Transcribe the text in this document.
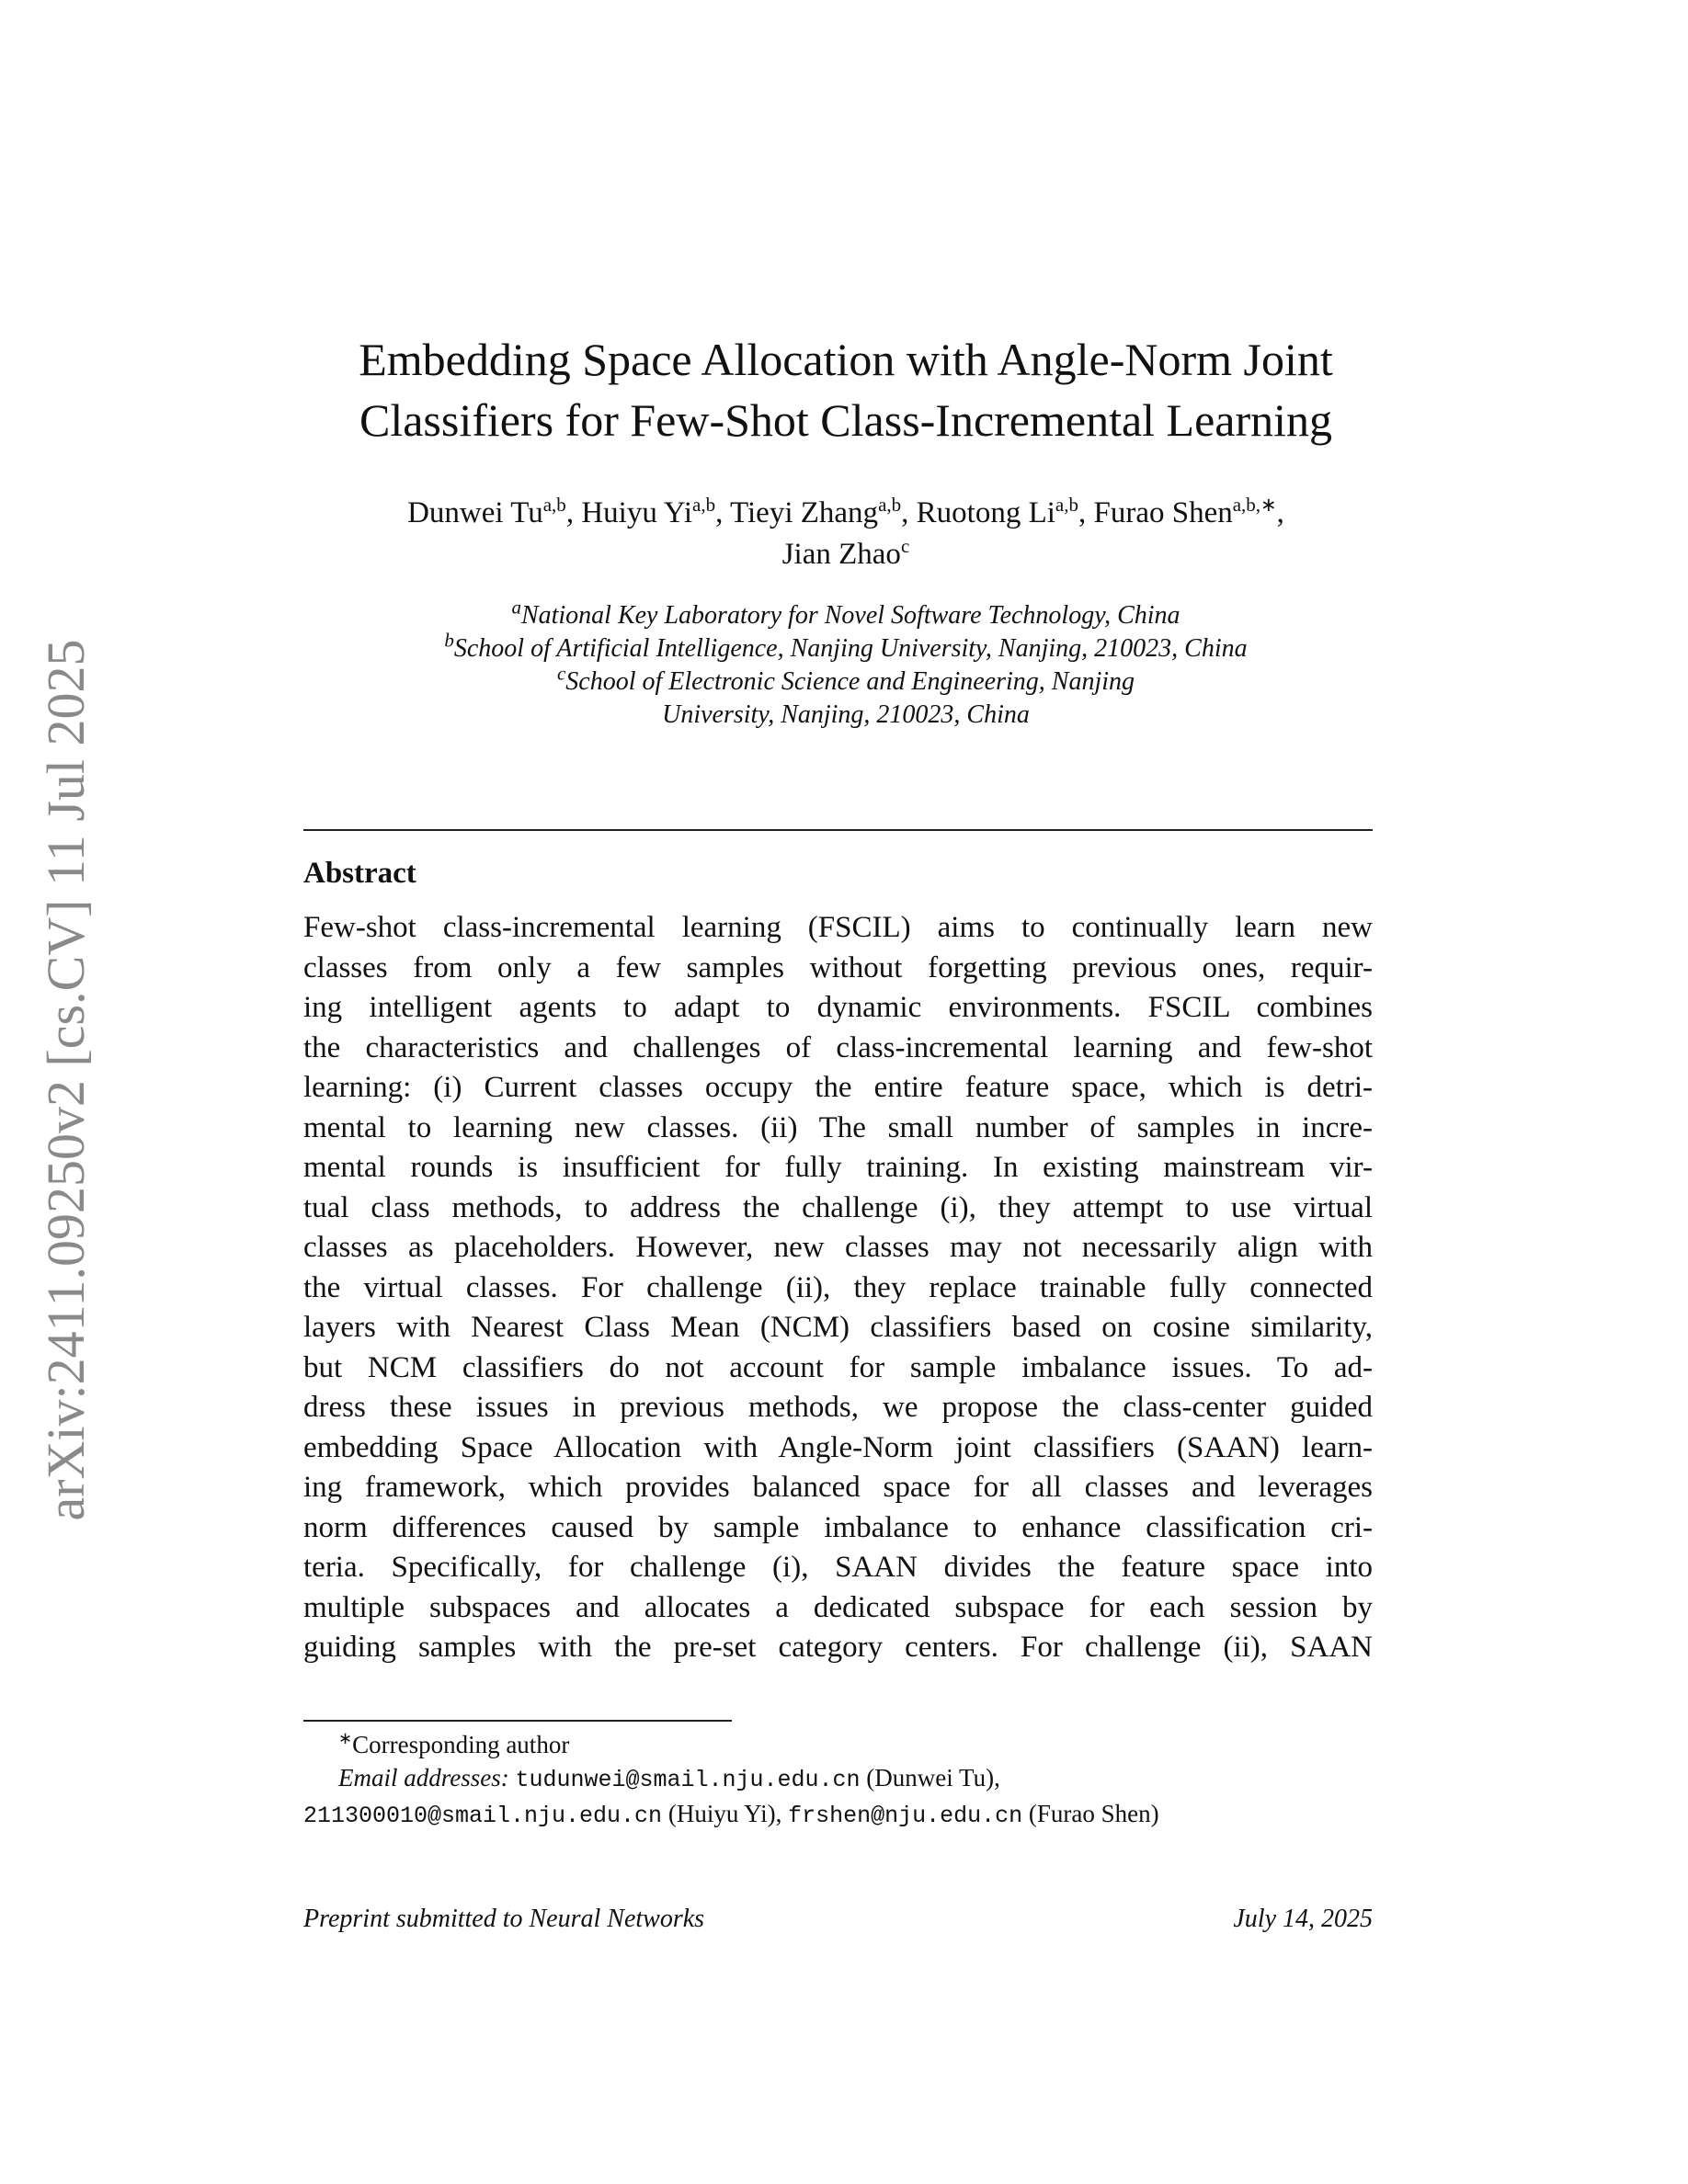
arXiv:2411.09250v2 [cs.CV] 11 Jul 2025
Embedding Space Allocation with Angle-Norm Joint
Classifiers for Few-Shot Class-Incremental Learning
Dunwei Tu$^{a,b}$, Huiyu Yi$^{a,b}$, Tieyi Zhang$^{a,b}$, Ruotong Li$^{a,b}$, Furao Shen$^{a,b,∗}$,
Jian Zhao$^c$
$^a$National Key Laboratory for Novel Software Technology, China
$^b$School of Artificial Intelligence, Nanjing University, Nanjing, 210023, China
$^c$School of Electronic Science and Engineering, Nanjing
University, Nanjing, 210023, China
Abstract
Few-shot class-incremental learning (FSCIL) aims to continually learn new
classes from only a few samples without forgetting previous ones, requir-
ing intelligent agents to adapt to dynamic environments. FSCIL combines
the characteristics and challenges of class-incremental learning and few-shot
learning: (i) Current classes occupy the entire feature space, which is detri-
mental to learning new classes. (ii) The small number of samples in incre-
mental rounds is insufficient for fully training. In existing mainstream vir-
tual class methods, to address the challenge (i), they attempt to use virtual
classes as placeholders. However, new classes may not necessarily align with
the virtual classes. For challenge (ii), they replace trainable fully connected
layers with Nearest Class Mean (NCM) classifiers based on cosine similarity,
but NCM classifiers do not account for sample imbalance issues. To ad-
dress these issues in previous methods, we propose the class-center guided
embedding Space Allocation with Angle-Norm joint classifiers (SAAN) learn-
ing framework, which provides balanced space for all classes and leverages
norm differences caused by sample imbalance to enhance classification cri-
teria. Specifically, for challenge (i), SAAN divides the feature space into
multiple subspaces and allocates a dedicated subspace for each session by
guiding samples with the pre-set category centers. For challenge (ii), SAAN
∗Corresponding author
Email addresses: tudunwei@smail.nju.edu.cn (Dunwei Tu),
211300010@smail.nju.edu.cn (Huiyu Yi), frshen@nju.edu.cn (Furao Shen)
Preprint submitted to Neural Networks	July 14, 2025
